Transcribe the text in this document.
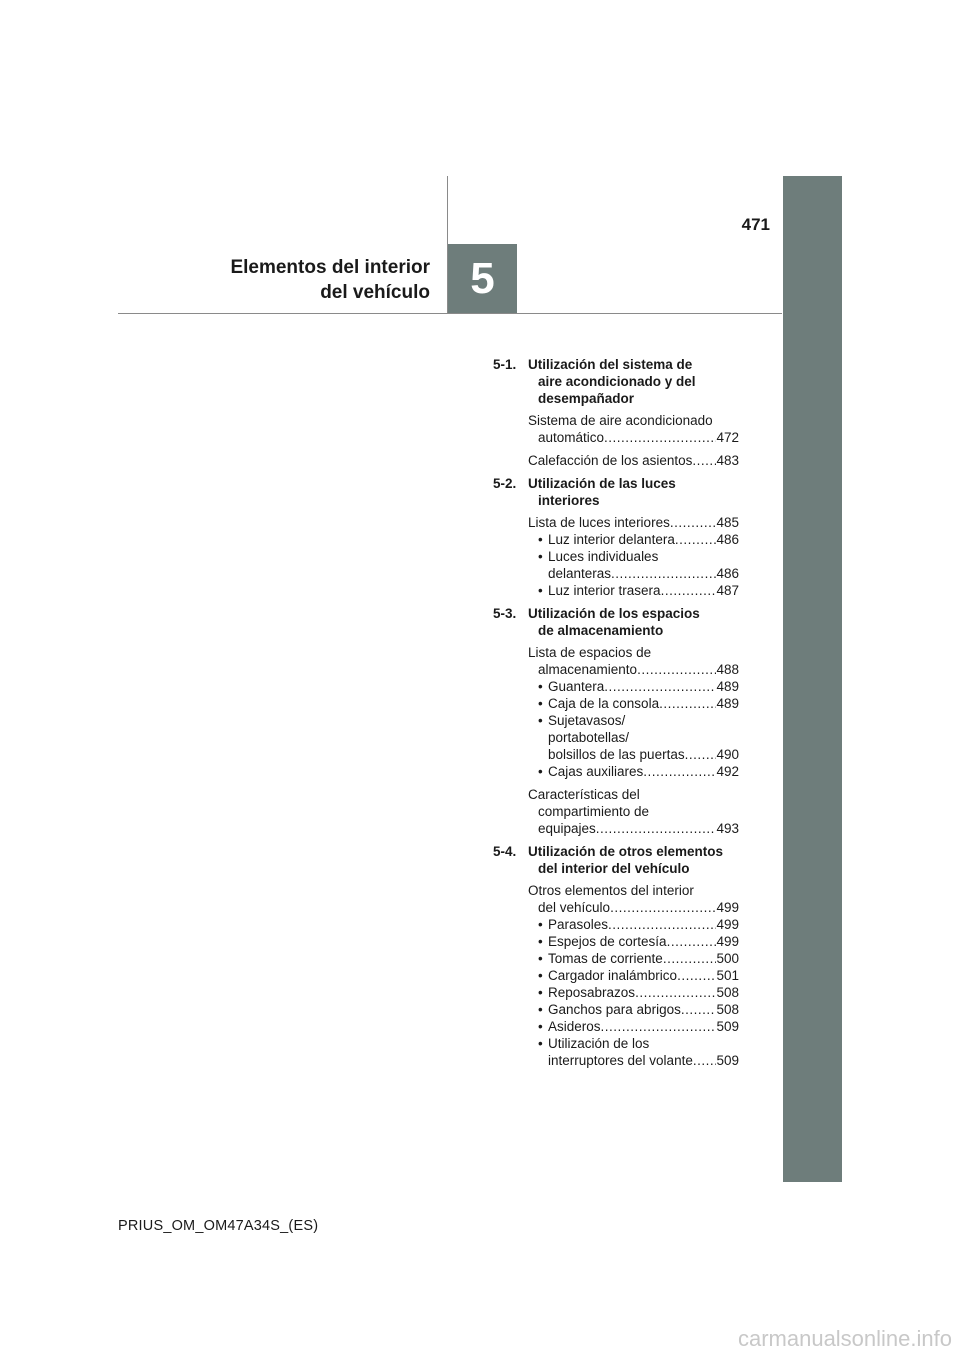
5
471
Elementos del interior
del vehículo
5-1. Utilización del sistema de
aire acondicionado y del
desempañador
Sistema de aire acondicionado
automático .....	472
Calefacción de los asientos ..... 483
5-2. Utilización de las luces
interiores
Lista de luces interiores .....	485
• Luz interior delantera .....	486
• Luces individuales
delanteras .....	486
• Luz interior trasera .....	487
5-3. Utilización de los espacios
de almacenamiento
Lista de espacios de
almacenamiento .....	488
• Guantera .....	489
• Caja de la consola .....	489
• Sujetavasos/
portabotellas/
bolsillos de las puertas ..... 490
• Cajas auxiliares .....	492
Características del
compartimiento de
equipajes .....	493
5-4. Utilización de otros elementos
del interior del vehículo
Otros elementos del interior
del vehículo .....	499
• Parasoles .....	499
• Espejos de cortesía .....	499
• Tomas de corriente .....	500
• Cargador inalámbrico .....	501
• Reposabrazos .....	508
• Ganchos para abrigos .....	508
• Asideros .....	509
• Utilización de los
interruptores del volante ..... 509
PRIUS_OM_OM47A34S_(ES)
carmanualsonline.info
